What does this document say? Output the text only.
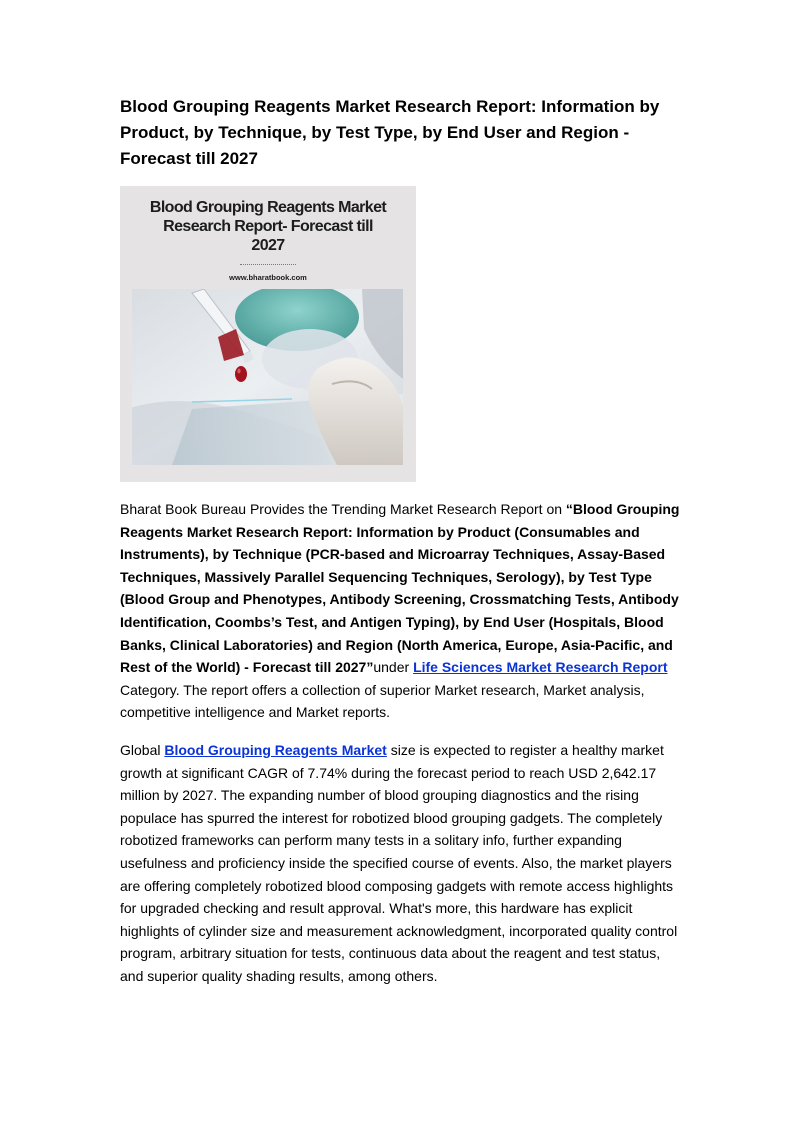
Blood Grouping Reagents Market Research Report: Information by Product, by Technique, by Test Type, by End User and Region - Forecast till 2027
Blood Grouping Reagents Market
Research Report- Forecast till
2027
www.bharatbook.com

Bharat Book Bureau Provides the Trending Market Research Report on “Blood Grouping Reagents Market Research Report: Information by Product (Consumables and Instruments), by Technique (PCR-based and Microarray Techniques, Assay-Based Techniques, Massively Parallel Sequencing Techniques, Serology), by Test Type (Blood Group and Phenotypes, Antibody Screening, Crossmatching Tests, Antibody Identification, Coombs’s Test, and Antigen Typing), by End User (Hospitals, Blood Banks, Clinical Laboratories) and Region (North America, Europe, Asia-Pacific, and Rest of the World) - Forecast till 2027”under Life Sciences Market Research Report Category. The report offers a collection of superior Market research, Market analysis, competitive intelligence and Market reports.

Global Blood Grouping Reagents Market size is expected to register a healthy market growth at significant CAGR of 7.74% during the forecast period to reach USD 2,642.17 million by 2027. The expanding number of blood grouping diagnostics and the rising populace has spurred the interest for robotized blood grouping gadgets. The completely robotized frameworks can perform many tests in a solitary info, further expanding usefulness and proficiency inside the specified course of events. Also, the market players are offering completely robotized blood composing gadgets with remote access highlights for upgraded checking and result approval. What's more, this hardware has explicit highlights of cylinder size and measurement acknowledgment, incorporated quality control program, arbitrary situation for tests, continuous data about the reagent and test status, and superior quality shading results, among others.
